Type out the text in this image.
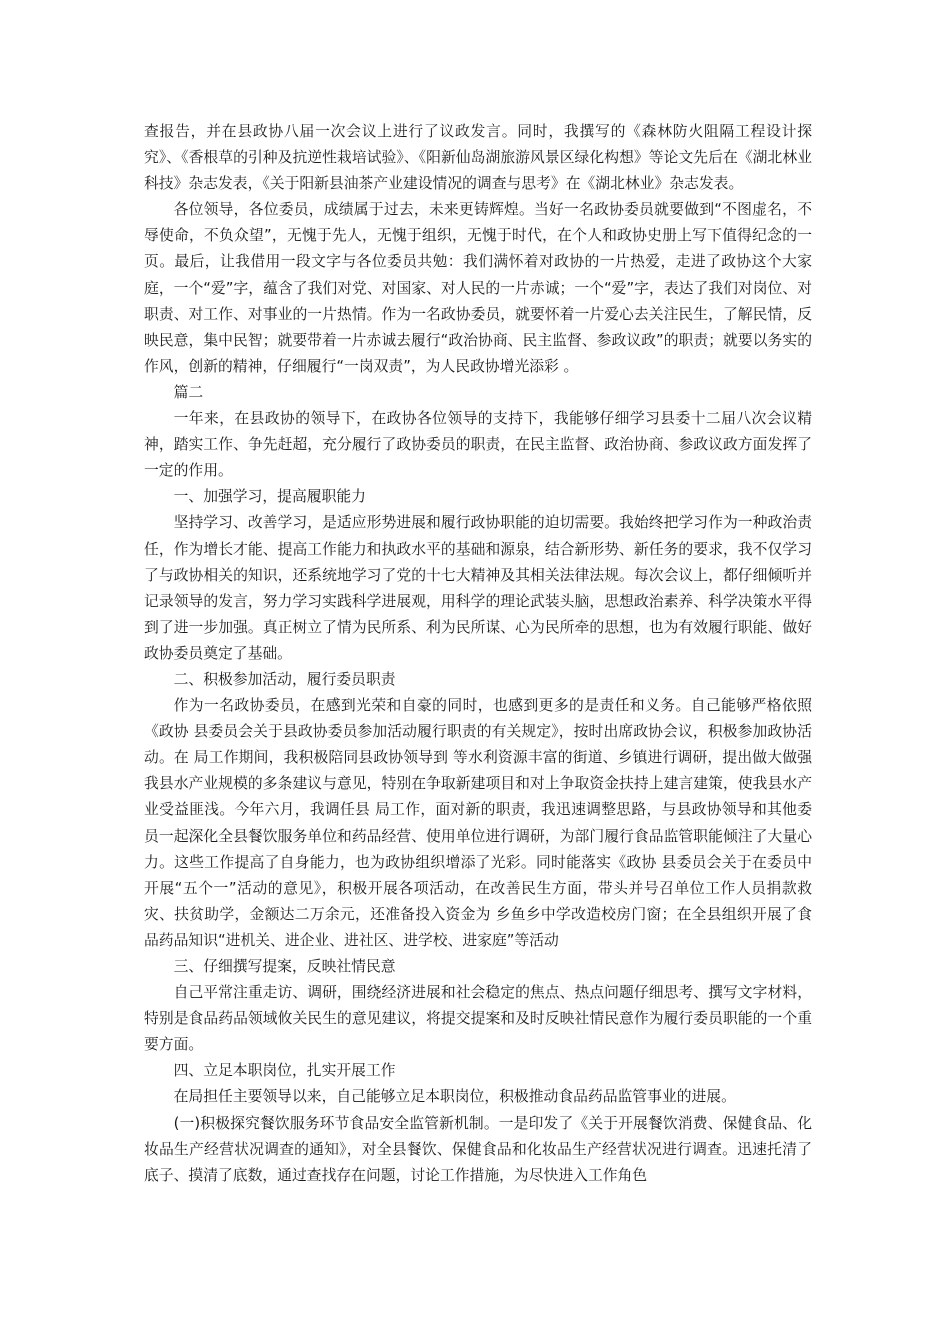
查报告，并在县政协八届一次会议上进行了议政发言。同时，我撰写的《森林防火阻隔工程设计探究》、《香根草的引种及抗逆性栽培试验》、《阳新仙岛湖旅游风景区绿化构想》等论文先后在《湖北林业科技》杂志发表，《关于阳新县油茶产业建设情况的调查与思考》在《湖北林业》杂志发表。

各位领导，各位委员，成绩属于过去，未来更铸辉煌。当好一名政协委员就要做到“不图虚名，不辱使命，不负众望”，无愧于先人，无愧于组织，无愧于时代，在个人和政协史册上写下值得纪念的一页。最后，让我借用一段文字与各位委员共勉：我们满怀着对政协的一片热爱，走进了政协这个大家庭，一个“爱”字，蕴含了我们对党、对国家、对人民的一片赤诚；一个“爱”字，表达了我们对岗位、对职责、对工作、对事业的一片热情。作为一名政协委员，就要怀着一片爱心去关注民生，了解民情，反映民意，集中民智；就要带着一片赤诚去履行“政治协商、民主监督、参政议政”的职责；就要以务实的作风，创新的精神，仔细履行“一岗双责”，为人民政协增光添彩 。

篇二

一年来，在县政协的领导下，在政协各位领导的支持下，我能够仔细学习县委十二届八次会议精神，踏实工作、争先赶超，充分履行了政协委员的职责，在民主监督、政治协商、参政议政方面发挥了一定的作用。

一、加强学习，提高履职能力

坚持学习、改善学习，是适应形势进展和履行政协职能的迫切需要。我始终把学习作为一种政治责任，作为增长才能、提高工作能力和执政水平的基础和源泉，结合新形势、新任务的要求，我不仅学习了与政协相关的知识，还系统地学习了党的十七大精神及其相关法律法规。每次会议上，都仔细倾听并记录领导的发言，努力学习实践科学进展观，用科学的理论武装头脑，思想政治素养、科学决策水平得到了进一步加强。真正树立了情为民所系、利为民所谋、心为民所牵的思想，也为有效履行职能、做好政协委员奠定了基础。

二、积极参加活动，履行委员职责

作为一名政协委员，在感到光荣和自豪的同时，也感到更多的是责任和义务。自己能够严格依照《政协 县委员会关于县政协委员参加活动履行职责的有关规定》，按时出席政协会议，积极参加政协活动。在 局工作期间，我积极陪同县政协领导到 等水利资源丰富的街道、乡镇进行调研，提出做大做强我县水产业规模的多条建议与意见，特别在争取新建项目和对上争取资金扶持上建言建策，使我县水产业受益匪浅。今年六月，我调任县 局工作，面对新的职责，我迅速调整思路，与县政协领导和其他委员一起深化全县餐饮服务单位和药品经营、使用单位进行调研，为部门履行食品监管职能倾注了大量心力。这些工作提高了自身能力，也为政协组织增添了光彩。同时能落实《政协 县委员会关于在委员中开展“五个一”活动的意见》，积极开展各项活动，在改善民生方面，带头并号召单位工作人员捐款救灾、扶贫助学，金额达二万余元，还准备投入资金为 乡鱼乡中学改造校房门窗；在全县组织开展了食品药品知识“进机关、进企业、进社区、进学校、进家庭”等活动

三、仔细撰写提案，反映社情民意

自己平常注重走访、调研，围绕经济进展和社会稳定的焦点、热点问题仔细思考、撰写文字材料，特别是食品药品领域攸关民生的意见建议，将提交提案和及时反映社情民意作为履行委员职能的一个重要方面。

四、立足本职岗位，扎实开展工作

在局担任主要领导以来，自己能够立足本职岗位，积极推动食品药品监管事业的进展。

(一)积极探究餐饮服务环节食品安全监管新机制。一是印发了《关于开展餐饮消费、保健食品、化妆品生产经营状况调查的通知》，对全县餐饮、保健食品和化妆品生产经营状况进行调查。迅速托清了底子、摸清了底数，通过查找存在问题，讨论工作措施，为尽快进入工作角色
